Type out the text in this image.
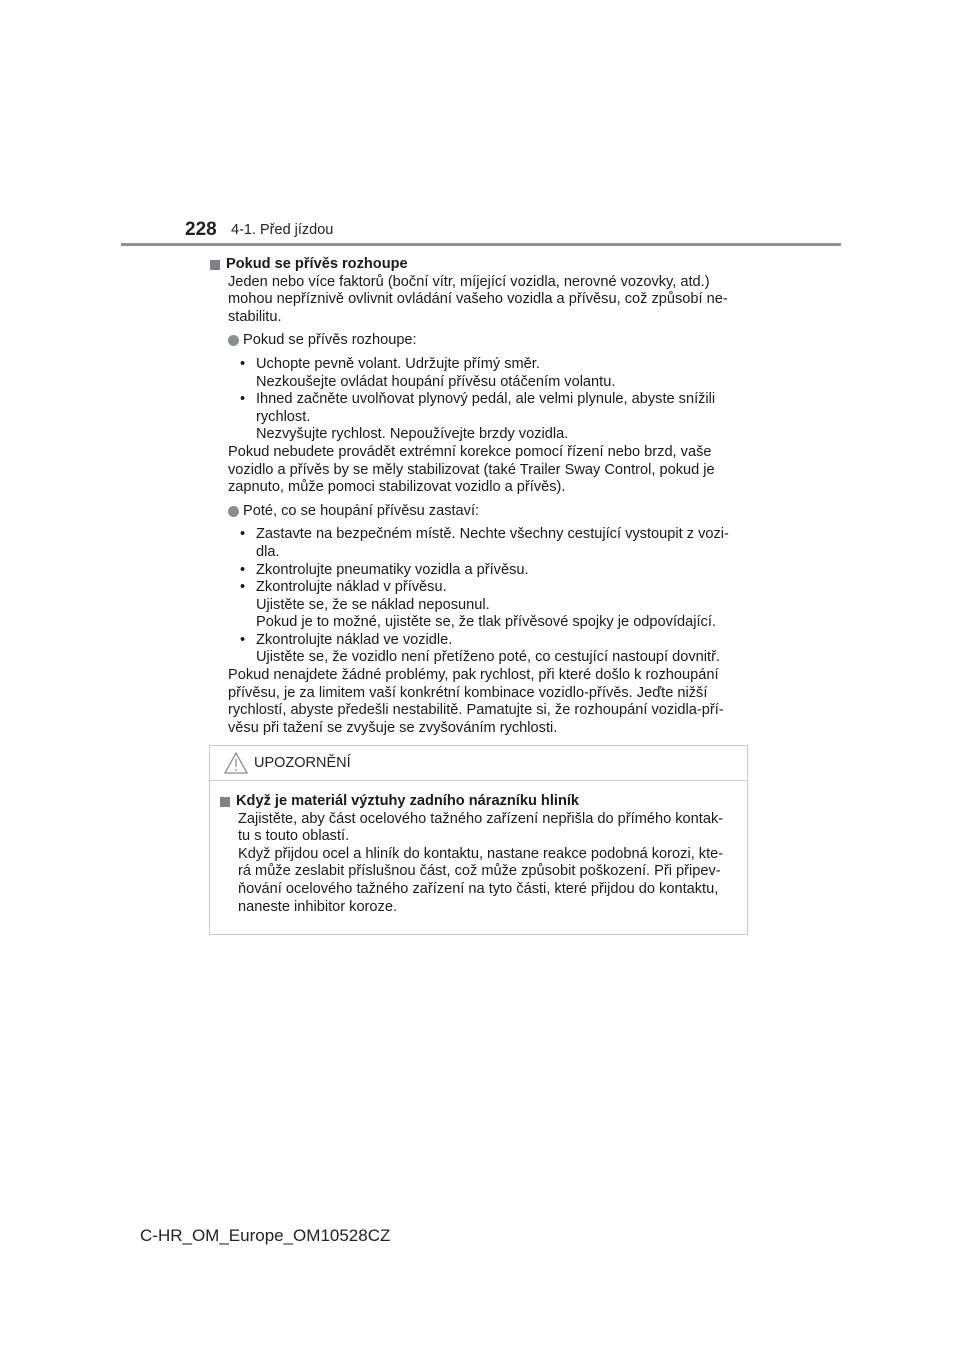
228 4-1. Před jízdou
Pokud se přívěs rozhoupe
Jeden nebo více faktorů (boční vítr, míjející vozidla, nerovné vozovky, atd.)
mohou nepříznivě ovlivnit ovládání vašeho vozidla a přívěsu, což způsobí ne-
stabilitu.
Pokud se přívěs rozhoupe:
• Uchopte pevně volant. Udržujte přímý směr.
Nezkoušejte ovládat houpání přívěsu otáčením volantu.
• Ihned začněte uvolňovat plynový pedál, ale velmi plynule, abyste snížili
rychlost.
Nezvyšujte rychlost. Nepoužívejte brzdy vozidla.
Pokud nebudete provádět extrémní korekce pomocí řízení nebo brzd, vaše
vozidlo a přívěs by se měly stabilizovat (také Trailer Sway Control, pokud je
zapnuto, může pomoci stabilizovat vozidlo a přívěs).
Poté, co se houpání přívěsu zastaví:
• Zastavte na bezpečném místě. Nechte všechny cestující vystoupit z vozi-
dla.
• Zkontrolujte pneumatiky vozidla a přívěsu.
• Zkontrolujte náklad v přívěsu.
Ujistěte se, že se náklad neposunul.
Pokud je to možné, ujistěte se, že tlak přívěsové spojky je odpovídající.
• Zkontrolujte náklad ve vozidle.
Ujistěte se, že vozidlo není přetíženo poté, co cestující nastoupí dovnitř.
Pokud nenajdete žádné problémy, pak rychlost, při které došlo k rozhoupání
přívěsu, je za limitem vaší konkrétní kombinace vozidlo-přívěs. Jeďte nižší
rychlostí, abyste předešli nestabilitě. Pamatujte si, že rozhoupání vozidla-pří-
věsu při tažení se zvyšuje se zvyšováním rychlosti.
UPOZORNĚNÍ
Když je materiál výztuhy zadního nárazníku hliník
Zajistěte, aby část ocelového tažného zařízení nepřišla do přímého kontak-
tu s touto oblastí.
Když přijdou ocel a hliník do kontaktu, nastane reakce podobná korozi, kte-
rá může zeslabit příslušnou část, což může způsobit poškození. Při připev-
ňování ocelového tažného zařízení na tyto části, které přijdou do kontaktu,
naneste inhibitor koroze.
C-HR_OM_Europe_OM10528CZ
